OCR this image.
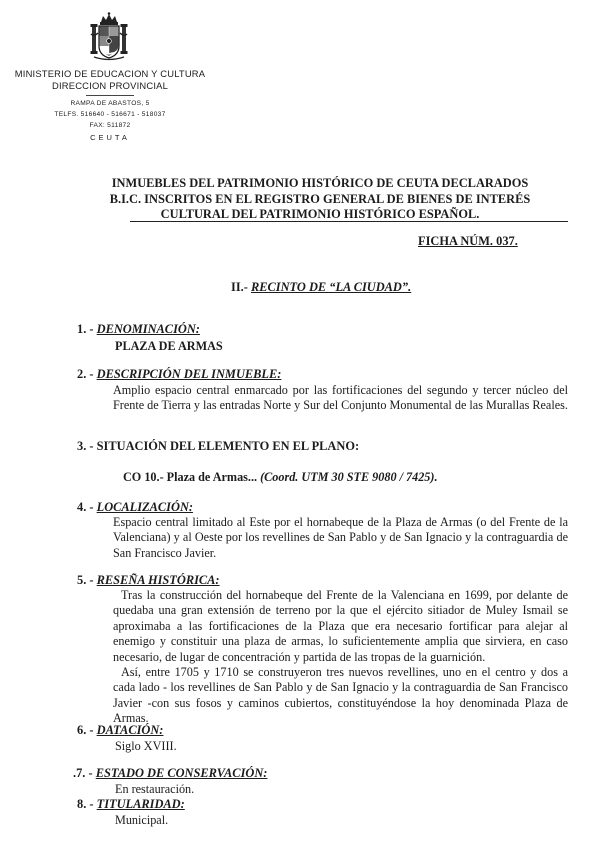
MINISTERIO DE EDUCACION Y CULTURA
DIRECCION PROVINCIAL
RAMPA DE ABASTOS, 5
TELFS. 516640 - 516671 - 518037
FAX: 511872
CEUTA
INMUEBLES DEL PATRIMONIO HISTÓRICO DE CEUTA DECLARADOS
B.I.C. INSCRITOS EN EL REGISTRO GENERAL DE BIENES DE INTERÉS
CULTURAL DEL PATRIMONIO HISTÓRICO ESPAÑOL.
FICHA NÚM. 037.
II.- RECINTO DE “LA CIUDAD”.
1. - DENOMINACIÓN:
PLAZA DE ARMAS
2. - DESCRIPCIÓN DEL INMUEBLE:
Amplio espacio central enmarcado por las fortificaciones del segundo y tercer núcleo del Frente de Tierra y las entradas Norte y Sur del Conjunto Monumental de las Murallas Reales.
3. - SITUACIÓN DEL ELEMENTO EN EL PLANO:
CO 10.- Plaza de Armas... (Coord. UTM 30 STE 9080 / 7425).
4. - LOCALIZACIÓN:
Espacio central limitado al Este por el hornabeque de la Plaza de Armas (o del Frente de la Valenciana) y al Oeste por los revellines de San Pablo y de San Ignacio y la contraguardia de San Francisco Javier.
5. - RESEÑA HISTÓRICA:
Tras la construcción del hornabeque del Frente de la Valenciana en 1699, por delante de quedaba una gran extensión de terreno por la que el ejército sitiador de Muley Ismail se aproximaba a las fortificaciones de la Plaza que era necesario fortificar para alejar al enemigo y constituir una plaza de armas, lo suficientemente amplia que sirviera, en caso necesario, de lugar de concentración y partida de las tropas de la guarnición.
Así, entre 1705 y 1710 se construyeron tres nuevos revellines, uno en el centro y dos a cada lado - los revellines de San Pablo y de San Ignacio y la contraguardia de San Francisco Javier -con sus fosos y caminos cubiertos, constituyéndose la hoy denominada Plaza de Armas.
6. - DATACIÓN:
Siglo XVIII.
.7. - ESTADO DE CONSERVACIÓN:
En restauración.
8. - TITULARIDAD:
Municipal.
